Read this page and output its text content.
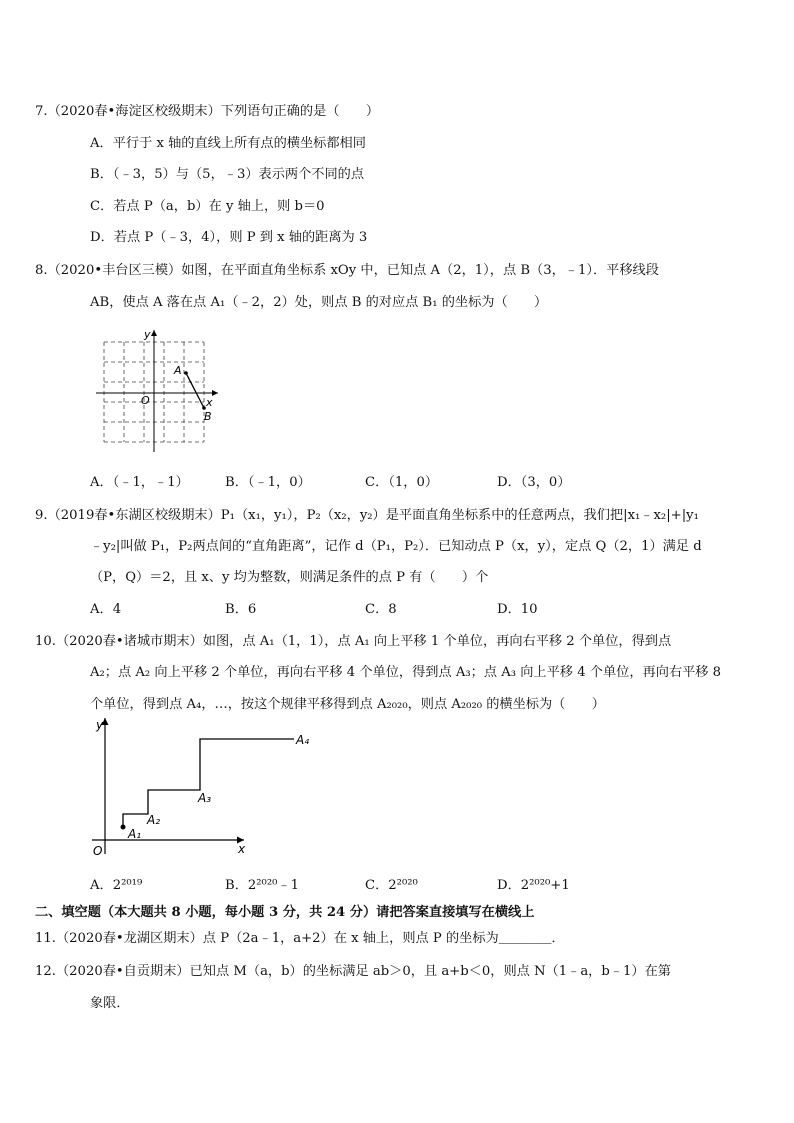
7.（2020春•海淀区校级期末）下列语句正确的是（　　）
A．平行于 x 轴的直线上所有点的横坐标都相同
B．（﹣3，5）与（5，﹣3）表示两个不同的点
C．若点 P（a，b）在 y 轴上，则 b＝0
D．若点 P（﹣3，4），则 P 到 x 轴的距离为 3
8.（2020•丰台区三模）如图，在平面直角坐标系 xOy 中，已知点 A（2，1），点 B（3，﹣1）．平移线段
AB，使点 A 落在点 A₁（﹣2，2）处，则点 B 的对应点 B₁ 的坐标为（　　）
y
x
O
A
B
A．（﹣1，﹣1）	B．（﹣1，0）	C．（1，0）	D．（3，0）
9.（2019春•东湖区校级期末）P₁（x₁，y₁），P₂（x₂，y₂）是平面直角坐标系中的任意两点，我们把|x₁﹣x₂|+|y₁
﹣y₂|叫做 P₁，P₂两点间的“直角距离”，记作 d（P₁，P₂）．已知动点 P（x，y），定点 Q（2，1）满足 d
（P，Q）＝2，且 x、y 均为整数，则满足条件的点 P 有（　　）个
A．4	B．6	C．8	D．10
10.（2020春•诸城市期末）如图，点 A₁（1，1），点 A₁ 向上平移 1 个单位，再向右平移 2 个单位，得到点
A₂；点 A₂ 向上平移 2 个单位，再向右平移 4 个单位，得到点 A₃；点 A₃ 向上平移 4 个单位，再向右平移 8
个单位，得到点 A₄，…，按这个规律平移得到点 A₂₀₂₀，则点 A₂₀₂₀ 的横坐标为（　　）
y
x
O
A₁
A₂
A₃
A₄
A．2²⁰¹⁹	B．2²⁰²⁰﹣1	C．2²⁰²⁰	D．2²⁰²⁰+1
二、填空题（本大题共 8 小题，每小题 3 分，共 24 分）请把答案直接填写在横线上
11.（2020春•龙湖区期末）点 P（2a﹣1，a+2）在 x 轴上，则点 P 的坐标为＿＿＿＿．
12.（2020春•自贡期末）已知点 M（a，b）的坐标满足 ab＞0，且 a+b＜0，则点 N（1﹣a，b﹣1）在第
象限．
